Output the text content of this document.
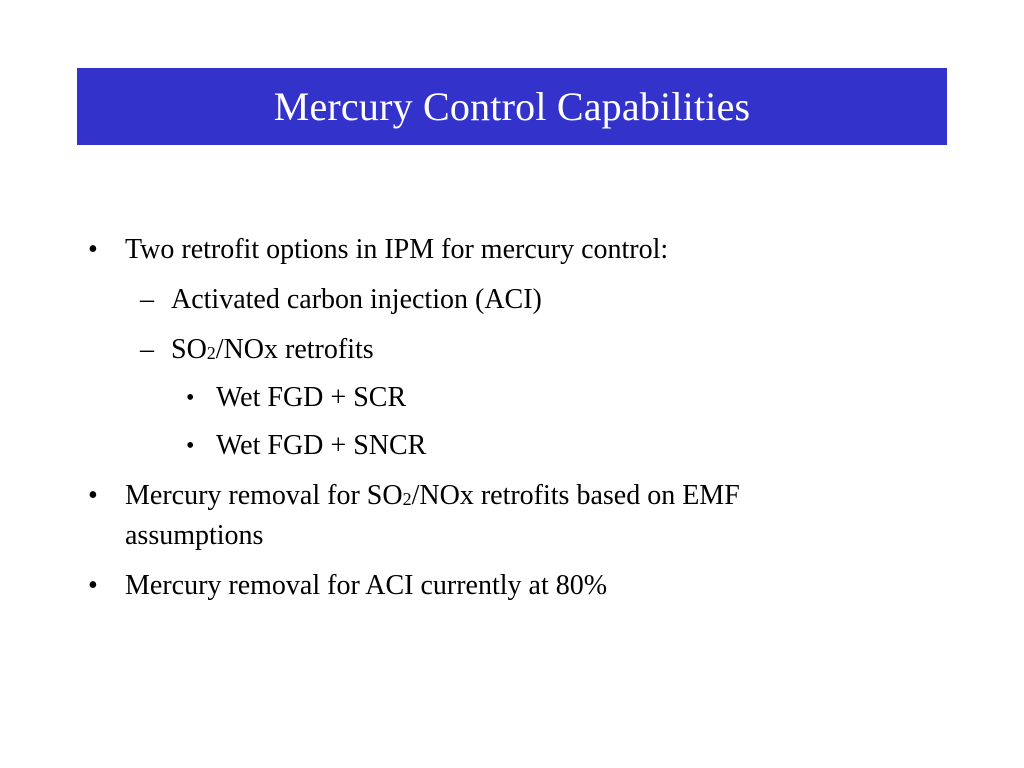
Mercury Control Capabilities
• Two retrofit options in IPM for mercury control:
– Activated carbon injection (ACI)
– $SO_2$/NOx retrofits
• Wet FGD + SCR
• Wet FGD + SNCR
• Mercury removal for $SO_2$/NOx retrofits based on EMF
assumptions
• Mercury removal for ACI currently at 80%
